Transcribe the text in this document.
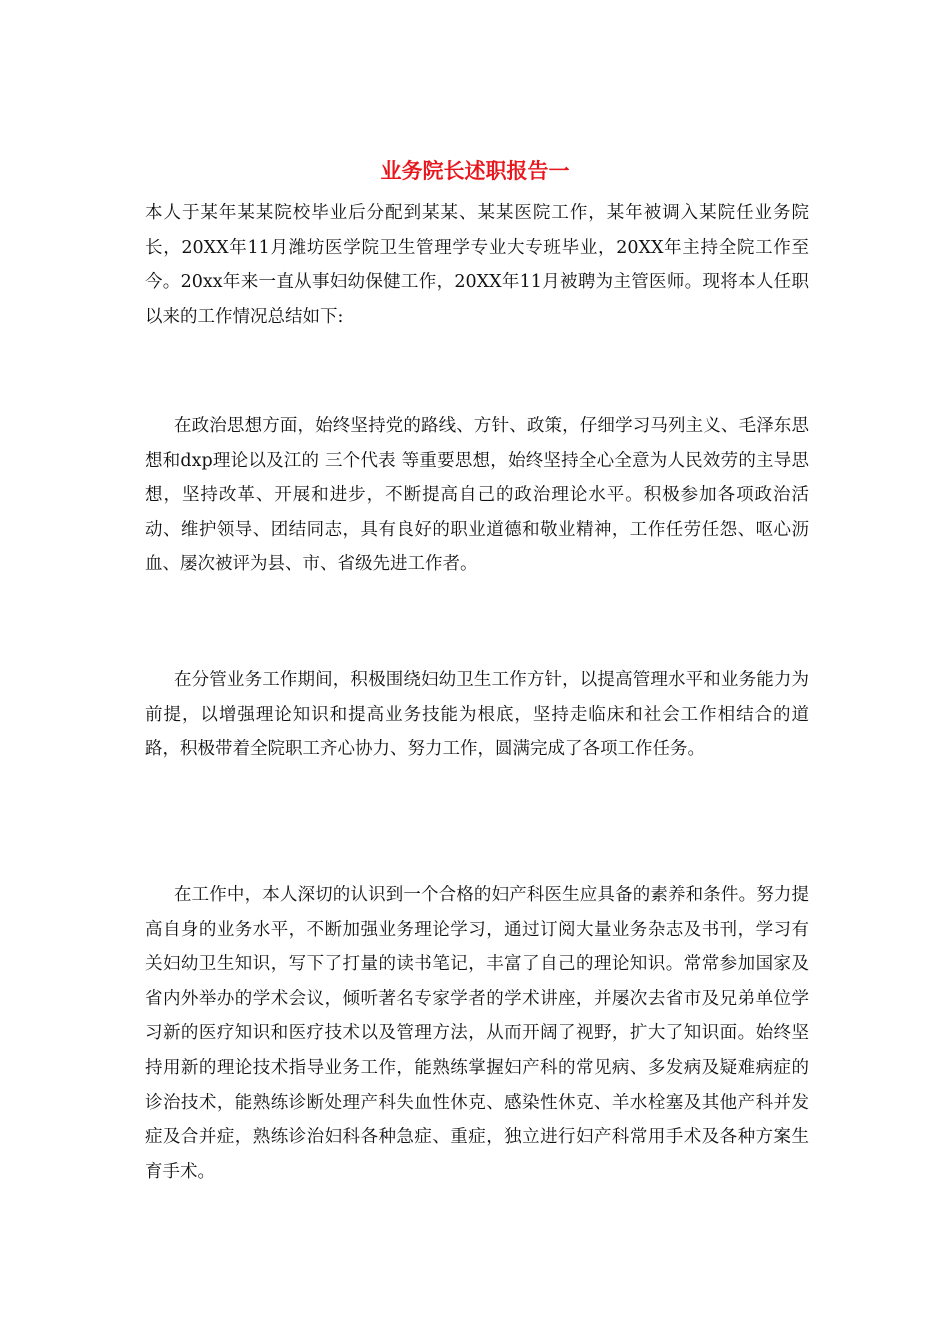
业务院长述职报告一

本人于某年某某院校毕业后分配到某某、某某医院工作，某年被调入某院任业务院长，20XX年11月潍坊医学院卫生管理学专业大专班毕业，20XX年主持全院工作至今。20xx年来一直从事妇幼保健工作，20XX年11月被聘为主管医师。现将本人任职以来的工作情况总结如下:

在政治思想方面，始终坚持党的路线、方针、政策，仔细学习马列主义、毛泽东思想和dxp理论以及江的 三个代表 等重要思想，始终坚持全心全意为人民效劳的主导思想，坚持改革、开展和进步，不断提高自己的政治理论水平。积极参加各项政治活动、维护领导、团结同志，具有良好的职业道德和敬业精神，工作任劳任怨、呕心沥血、屡次被评为县、市、省级先进工作者。

在分管业务工作期间，积极围绕妇幼卫生工作方针，以提高管理水平和业务能力为前提，以增强理论知识和提高业务技能为根底，坚持走临床和社会工作相结合的道路，积极带着全院职工齐心协力、努力工作，圆满完成了各项工作任务。

在工作中，本人深切的认识到一个合格的妇产科医生应具备的素养和条件。努力提高自身的业务水平，不断加强业务理论学习，通过订阅大量业务杂志及书刊，学习有关妇幼卫生知识，写下了打量的读书笔记，丰富了自己的理论知识。常常参加国家及省内外举办的学术会议，倾听著名专家学者的学术讲座，并屡次去省市及兄弟单位学习新的医疗知识和医疗技术以及管理方法，从而开阔了视野，扩大了知识面。始终坚持用新的理论技术指导业务工作，能熟练掌握妇产科的常见病、多发病及疑难病症的诊治技术，能熟练诊断处理产科失血性休克、感染性休克、羊水栓塞及其他产科并发症及合并症，熟练诊治妇科各种急症、重症，独立进行妇产科常用手术及各种方案生育手术。
